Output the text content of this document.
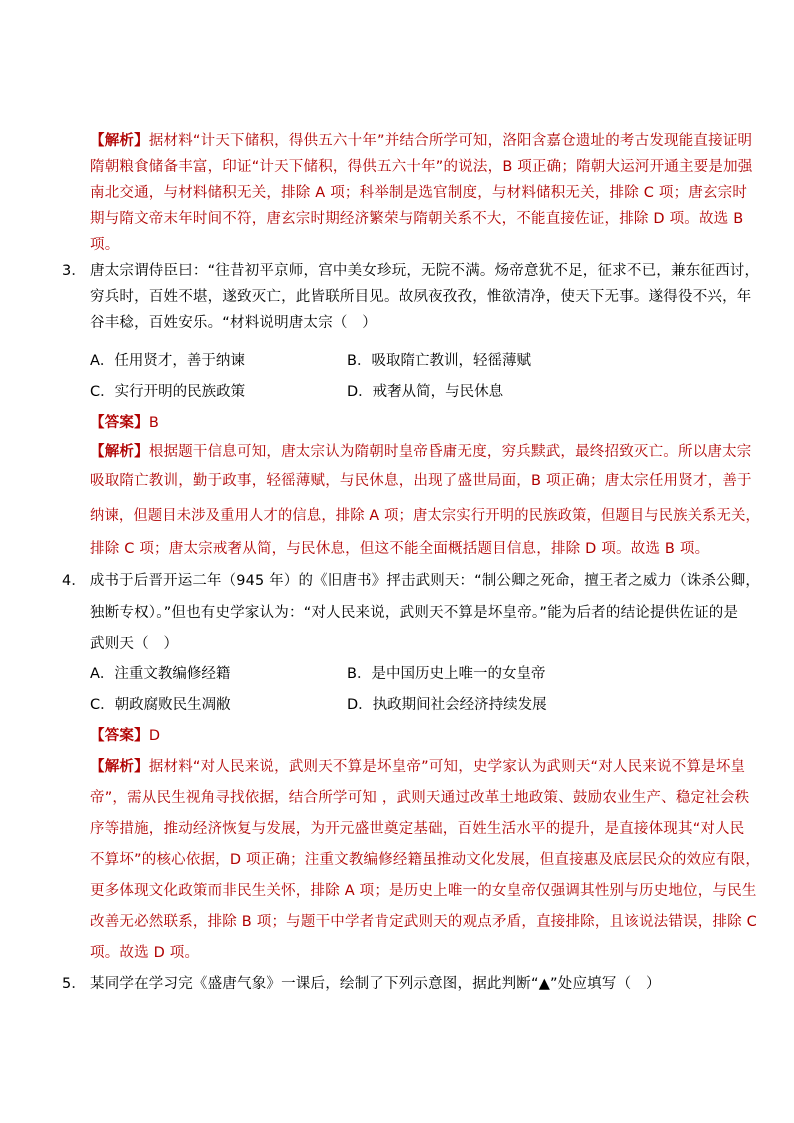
【解析】据材料“计天下储积，得供五六十年”并结合所学可知，洛阳含嘉仓遗址的考古发现能直接证明
隋朝粮食储备丰富，印证“计天下储积，得供五六十年”的说法，B 项正确；隋朝大运河开通主要是加强
南北交通，与材料储积无关，排除 A 项；科举制是选官制度，与材料储积无关，排除 C 项；唐玄宗时
期与隋文帝末年时间不符，唐玄宗时期经济繁荣与隋朝关系不大，不能直接佐证，排除 D 项。故选 B
项。
3． 唐太宗谓侍臣曰：“往昔初平京师，宫中美女珍玩，无院不满。炀帝意犹不足，征求不已，兼东征西讨，
穷兵时，百姓不堪，遂致灭亡，此皆联所目见。故夙夜孜孜，惟欲清净，使天下无事。遂得役不兴，年
谷丰稔，百姓安乐。“材料说明唐太宗（　）
A．任用贤才，善于纳谏	B．吸取隋亡教训，轻徭薄赋
C．实行开明的民族政策	D．戒奢从简，与民休息
【答案】B
【解析】根据题干信息可知，唐太宗认为隋朝时皇帝昏庸无度，穷兵黩武，最终招致灭亡。所以唐太宗
吸取隋亡教训，勤于政事，轻徭薄赋，与民休息，出现了盛世局面，B 项正确；唐太宗任用贤才，善于
纳谏，但题目未涉及重用人才的信息，排除 A 项；唐太宗实行开明的民族政策，但题目与民族关系无关，
排除 C 项；唐太宗戒奢从简，与民休息，但这不能全面概括题目信息，排除 D 项。故选 B 项。
4． 成书于后晋开运二年（945 年）的《旧唐书》抨击武则天：“制公卿之死命，擅王者之威力（诛杀公卿，
独断专权）。”但也有史学家认为：“对人民来说，武则天不算是坏皇帝。”能为后者的结论提供佐证的是
武则天（　）
A．注重文教编修经籍	B．是中国历史上唯一的女皇帝
C．朝政腐败民生凋敝	D．执政期间社会经济持续发展
【答案】D
【解析】据材料“对人民来说，武则天不算是坏皇帝”可知，史学家认为武则天“对人民来说不算是坏皇
帝”，需从民生视角寻找依据，结合所学可知 ，武则天通过改革土地政策、鼓励农业生产、稳定社会秩
序等措施，推动经济恢复与发展，为开元盛世奠定基础，百姓生活水平的提升，是直接体现其“对人民
不算坏”的核心依据，D 项正确；注重文教编修经籍虽推动文化发展，但直接惠及底层民众的效应有限，
更多体现文化政策而非民生关怀，排除 A 项；是历史上唯一的女皇帝仅强调其性别与历史地位，与民生
改善无必然联系，排除 B 项；与题干中学者肯定武则天的观点矛盾，直接排除，且该说法错误，排除 C
项。故选 D 项。
5． 某同学在学习完《盛唐气象》一课后，绘制了下列示意图，据此判断“▲”处应填写（　）
